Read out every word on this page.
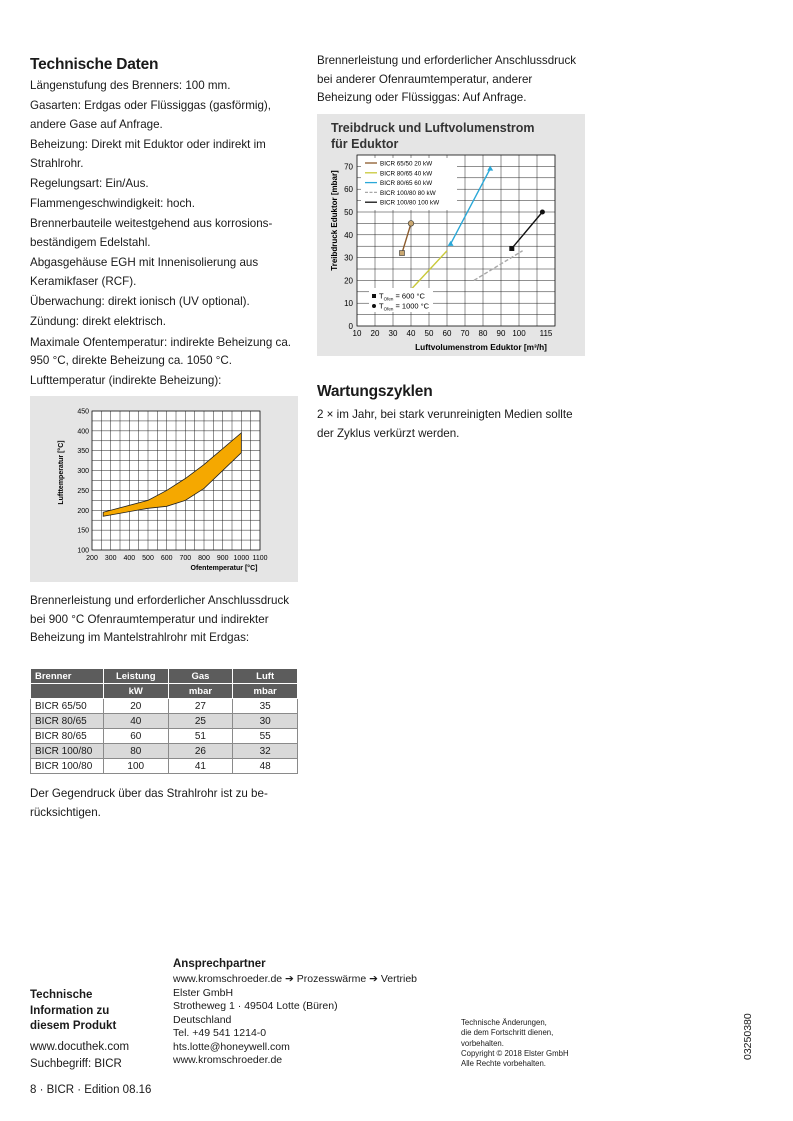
Technische Daten

Längenstufung des Brenners: 100 mm.

Gasarten: Erdgas oder Flüssiggas (gasförmig), andere Gase auf Anfrage.

Beheizung: Direkt mit Eduktor oder indirekt im Strahlrohr.

Regelungsart: Ein/Aus.

Flammengeschwindigkeit: hoch.

Brennerbauteile weitestgehend aus korrosionsbeständigem Edelstahl.

Abgasgehäuse EGH mit Innenisolierung aus Keramikfaser (RCF).

Überwachung: direkt ionisch (UV optional).

Zündung: direkt elektrisch.

Maximale Ofentemperatur: indirekte Beheizung ca. 950 °C, direkte Beheizung ca. 1050 °C.

Lufttemperatur (indirekte Beheizung):

200 300 400 500 600 700 800 900 1000 1100
100
150
200
250
300
350
400
450
Ofentemperatur [°C]
Lufttemperatur [°C]

Brennerleistung und erforderlicher Anschlussdruck bei 900 °C Ofenraumtemperatur und indirekter Beheizung im Mantelstrahlrohr mit Erdgas:

Brenner	Leistung	Gas	Luft
	kW	mbar	mbar
BICR 65/50	20	27	35
BICR 80/65	40	25	30
BICR 80/65	60	51	55
BICR 100/80	80	26	32
BICR 100/80	100	41	48

Der Gegendruck über das Strahlrohr ist zu berücksichtigen.

Brennerleistung und erforderlicher Anschlussdruck bei anderer Ofenraumtemperatur, anderer Beheizung oder Flüssiggas: Auf Anfrage.

Treibdruck und Luftvolumenstrom
für Eduktor
BICR 65/50 20 kW
BICR 80/65 40 kW
BICR 80/65 60 kW
BICR 100/80 80 kW
BICR 100/80 100 kW
$T_{Ofen} = 600$ °C
$T_{Ofen} = 1000$ °C
10 20 30 40 50 60 70 80 90 100 115
0
10
20
30
40
50
60
70
Luftvolumenstrom Eduktor [m³/h]
Treibdruck Eduktor [mbar]
Wartungszyklen

2 × im Jahr, bei stark verunreinigten Medien sollte der Zyklus verkürzt werden.

Technische
Information zu
diesem Produkt
www.docuthek.com
Suchbegriff: BICR
Ansprechpartner
www.kromschroeder.de ➔ Prozesswärme ➔ Vertrieb
Elster GmbH
Strotheweg 1 · 49504 Lotte (Büren)
Deutschland
Tel. +49 541 1214-0
hts.lotte@honeywell.com
www.kromschroeder.de
Technische Änderungen,
die dem Fortschritt dienen,
vorbehalten.
Copyright © 2018 Elster GmbH
Alle Rechte vorbehalten.
8 · BICR · Edition 08.16
03250380
